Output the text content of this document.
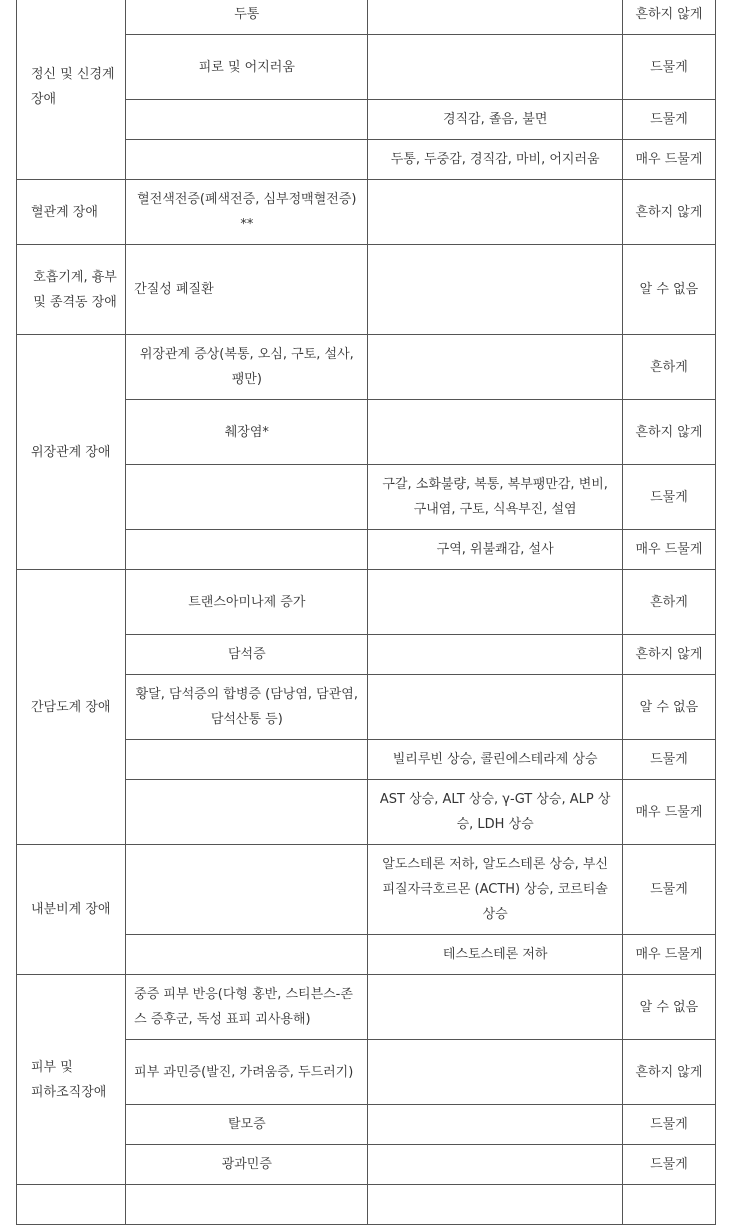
정신 및 신경계
장애	두통		흔하지 않게
	피로 및 어지러움		드물게
		경직감, 졸음, 불면	드물게
		두통, 두중감, 경직감, 마비, 어지러움	매우 드물게
혈관계 장애	혈전색전증(폐색전증, 심부정맥혈전증) **		흔하지 않게
호흡기계, 흉부 및 종격동 장애	간질성 폐질환		알 수 없음
위장관계 장애	위장관계 증상(복통, 오심, 구토, 설사, 팽만)		흔하게
	췌장염*		흔하지 않게
		구갈, 소화불량, 복통, 복부팽만감, 변비, 구내염, 구토, 식욕부진, 설염	드물게
		구역, 위불쾌감, 설사	매우 드물게
간담도계 장애	트랜스아미나제 증가		흔하게
	담석증		흔하지 않게
	황달, 담석증의 합병증 (담낭염, 담관염, 담석산통 등)		알 수 없음
		빌리루빈 상승, 콜린에스테라제 상승	드물게
		AST 상승, ALT 상승, γ-GT 상승, ALP 상승, LDH 상승	매우 드물게
내분비계 장애		알도스테론 저하, 알도스테론 상승, 부신피질자극호르몬 (ACTH) 상승, 코르티솔 상승	드물게
		테스토스테론 저하	매우 드물게

피부 및
피하조직장애	중증 피부 반응(다형 홍반, 스티븐스-존스 증후군, 독성 표피 괴사용해)		알 수 없음
	피부 과민증(발진, 가려움증, 두드러기)		흔하지 않게
	탈모증		드물게
	광과민증		드물게
